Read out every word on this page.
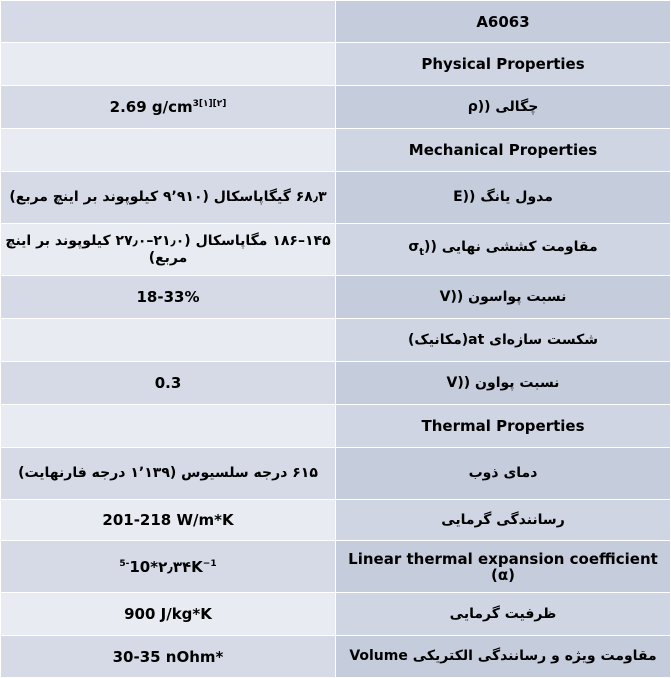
	A6063
	Physical Properties
2.69 $g/cm^{3[۱][۲]}$	چگالی ((ρ
	Mechanical Properties
۶۸٫۳ گیگاپاسکال (۹٬۹۱۰ کیلوپوند بر اینچ مربع)	مدول یانگ ((E
۱۴۵–۱۸۶ مگاپاسکال (۲۱٫۰–۲۷٫۰ کیلوپوند بر اینچ مربع)	مقاومت کششی نهایی (($\sigma_t$
18-33%	نسبت پواسون ((V
	شکست سازه‌ای at(مکانیک)
0.3	نسبت پواون ((V
	Thermal Properties
۶۱۵ درجه سلسیوس (۱٬۱۳۹ درجه فارنهایت)	دمای ذوب
201-218 W/m*K	رسانندگی گرمایی
$^{5-}10*۲٫۳۴K^{-1}$	Linear thermal expansion coefficient (α)
900 J/kg*K	ظرفیت گرمایی
30-35 nOhm*	مقاومت ویژه و رسانندگی الکتریکی Volume
